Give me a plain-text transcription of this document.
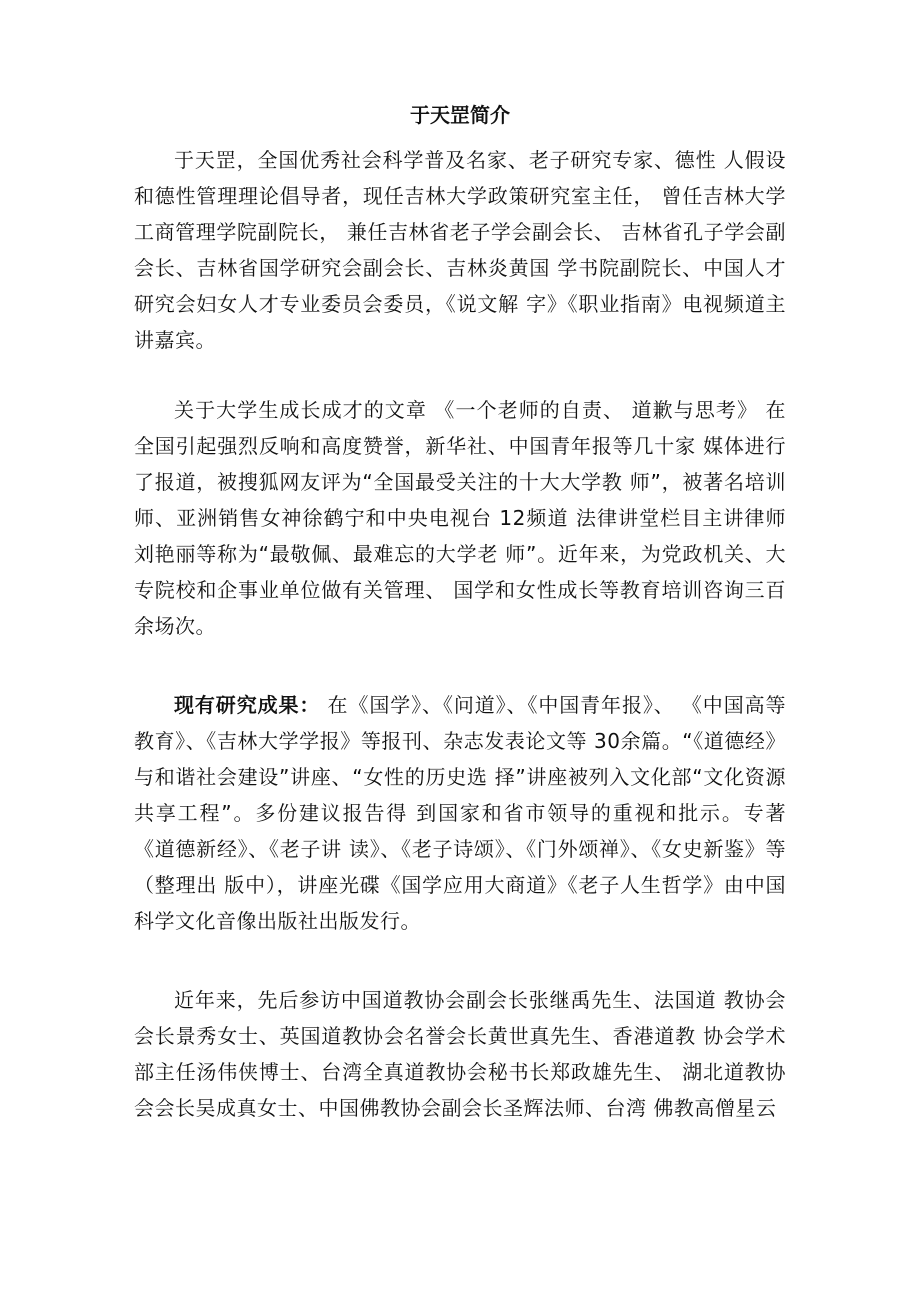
于天罡简介
于天罡，全国优秀社会科学普及名家、老子研究专家、德性 人假设和德性管理理论倡导者，现任吉林大学政策研究室主任， 曾任吉林大学工商管理学院副院长， 兼任吉林省老子学会副会长、 吉林省孔子学会副会长、吉林省国学研究会副会长、吉林炎黄国 学书院副院长、中国人才研究会妇女人才专业委员会委员，《说文解 字》《职业指南》电视频道主讲嘉宾。
关于大学生成长成才的文章 《一个老师的自责、 道歉与思考》 在全国引起强烈反响和高度赞誉，新华社、中国青年报等几十家 媒体进行了报道，被搜狐网友评为“全国最受关注的十大大学教 师”，被著名培训师、亚洲销售女神徐鹤宁和中央电视台 12频道 法律讲堂栏目主讲律师刘艳丽等称为“最敬佩、最难忘的大学老 师”。近年来，为党政机关、大专院校和企事业单位做有关管理、 国学和女性成长等教育培训咨询三百余场次。
现有研究成果： 在《国学》、《问道》、《中国青年报》、 《中国高等教育》、《吉林大学学报》等报刊、杂志发表论文等 30余篇。“《道德经》与和谐社会建设”讲座、“女性的历史选 择”讲座被列入文化部“文化资源共享工程”。多份建议报告得 到国家和省市领导的重视和批示。专著《道德新经》、《老子讲 读》、《老子诗颂》、《门外颂禅》、《女史新鉴》等（整理出 版中），讲座光碟《国学应用大商道》《老子人生哲学》由中国 科学文化音像出版社出版发行。
近年来，先后参访中国道教协会副会长张继禹先生、法国道 教协会会长景秀女士、英国道教协会名誉会长黄世真先生、香港道教 协会学术部主任汤伟侠博士、台湾全真道教协会秘书长郑政雄先生、 湖北道教协会会长吴成真女士、中国佛教协会副会长圣辉法师、台湾 佛教高僧星云
